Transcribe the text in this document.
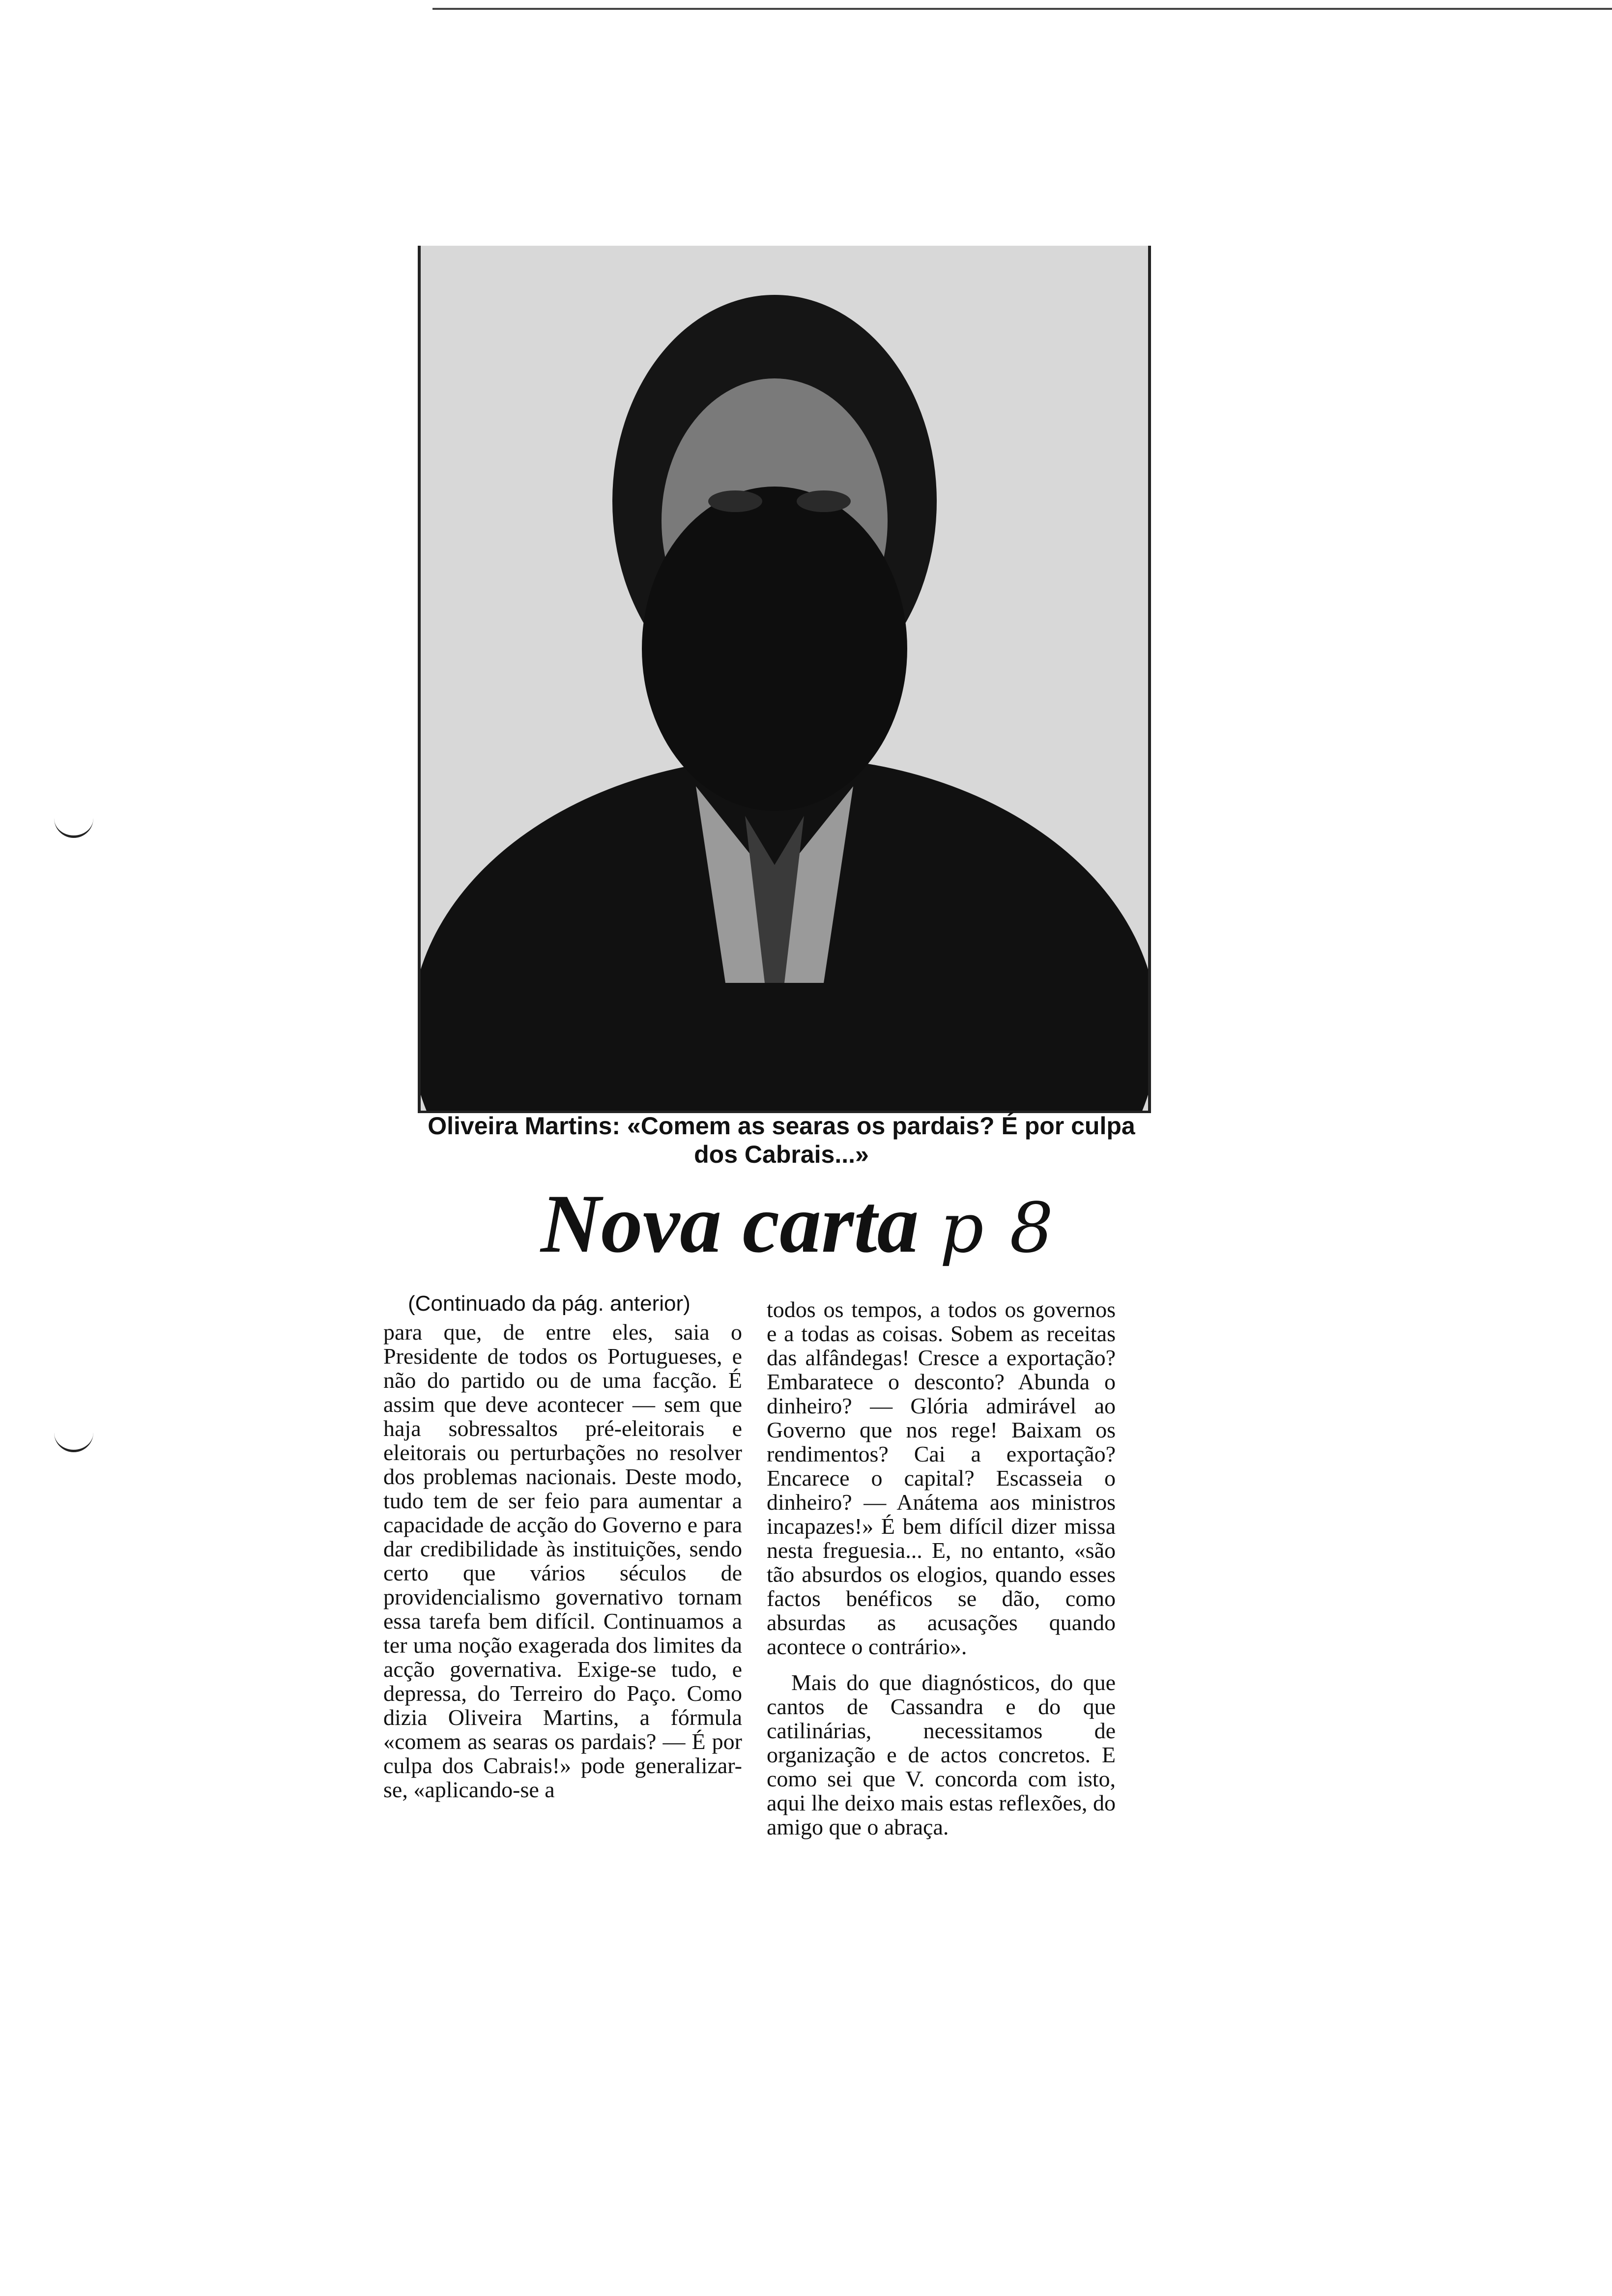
Oliveira Martins: «Comem as searas os pardais? É por culpa dos Cabrais...»
Nova carta p 8
(Continuado da pág. anterior)

para que, de entre eles, saia o Presidente de todos os Portugueses, e não do partido ou de uma facção. É assim que deve acontecer — sem que haja sobressaltos pré-eleitorais e eleitorais ou perturbações no resolver dos problemas nacionais. Deste modo, tudo tem de ser feio para aumentar a capacidade de acção do Governo e para dar credibilidade às instituições, sendo certo que vários séculos de providencialismo governativo tornam essa tarefa bem difícil. Continuamos a ter uma noção exagerada dos limites da acção governativa. Exige-se tudo, e depressa, do Terreiro do Paço. Como dizia Oliveira Martins, a fórmula «comem as searas os pardais? — É por culpa dos Cabrais!» pode generalizar-se, «aplicando-se a

todos os tempos, a todos os governos e a todas as coisas. Sobem as receitas das alfândegas! Cresce a exportação? Embaratece o desconto? Abunda o dinheiro? — Glória admirável ao Governo que nos rege! Baixam os rendimentos? Cai a exportação? Encarece o capital? Escasseia o dinheiro? — Anátema aos ministros incapazes!» É bem difícil dizer missa nesta freguesia... E, no entanto, «são tão absurdos os elogios, quando esses factos benéficos se dão, como absurdas as acusações quando acontece o contrário».

Mais do que diagnósticos, do que cantos de Cassandra e do que catilinárias, necessitamos de organização e de actos concretos. E como sei que V. concorda com isto, aqui lhe deixo mais estas reflexões, do amigo que o abraça.
